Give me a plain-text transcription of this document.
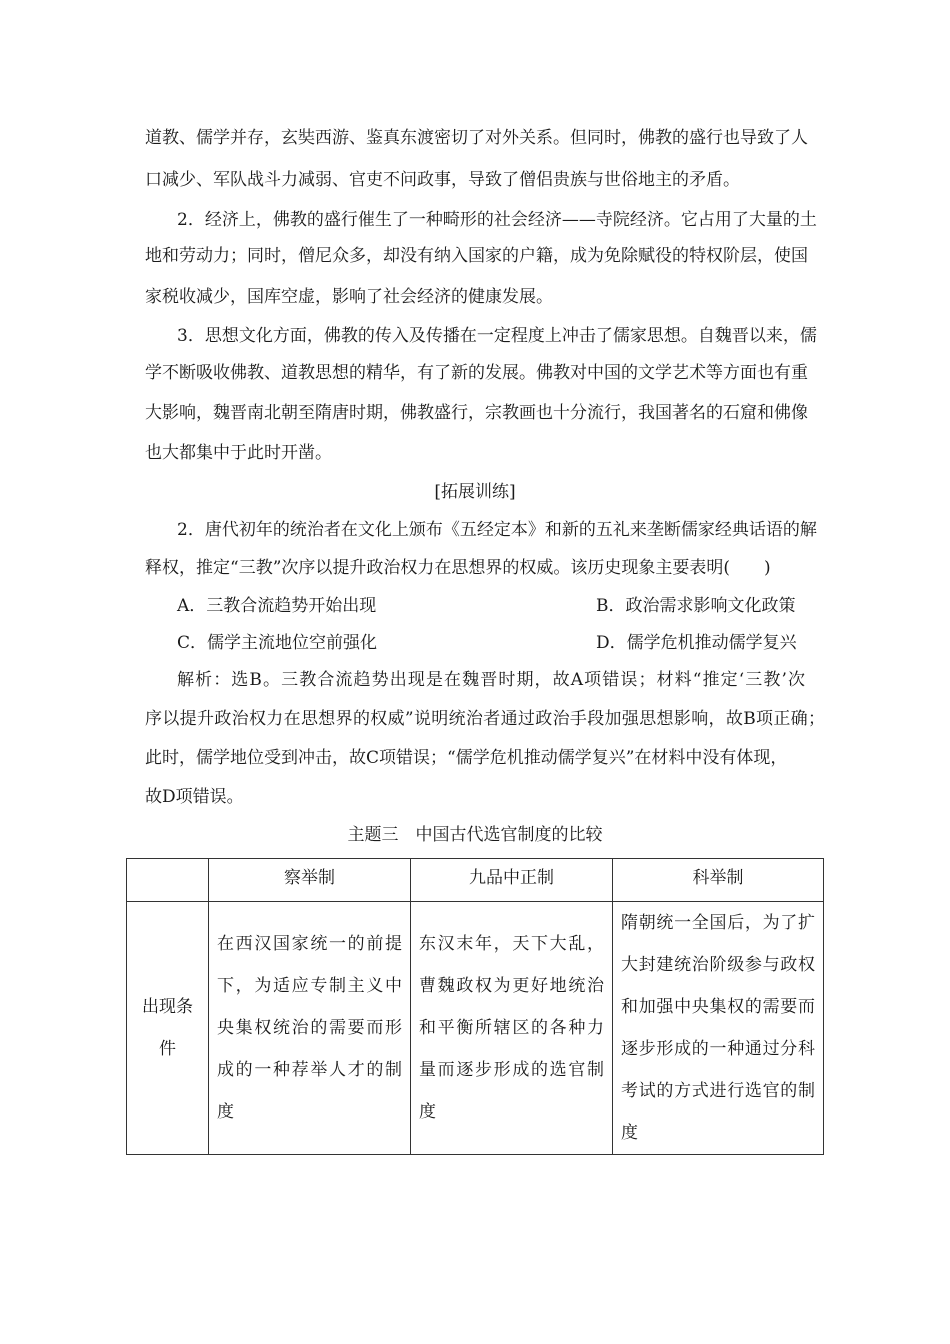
道教、儒学并存，玄奘西游、鉴真东渡密切了对外关系。但同时，佛教的盛行也导致了人
口减少、军队战斗力减弱、官吏不问政事，导致了僧侣贵族与世俗地主的矛盾。
2．经济上，佛教的盛行催生了一种畸形的社会经济——寺院经济。它占用了大量的土
地和劳动力；同时，僧尼众多，却没有纳入国家的户籍，成为免除赋役的特权阶层，使国
家税收减少，国库空虚，影响了社会经济的健康发展。
3．思想文化方面，佛教的传入及传播在一定程度上冲击了儒家思想。自魏晋以来，儒
学不断吸收佛教、道教思想的精华，有了新的发展。佛教对中国的文学艺术等方面也有重
大影响，魏晋南北朝至隋唐时期，佛教盛行，宗教画也十分流行，我国著名的石窟和佛像
也大都集中于此时开凿。
[拓展训练]
2．唐代初年的统治者在文化上颁布《五经定本》和新的五礼来垄断儒家经典话语的解
释权，推定“三教”次序以提升政治权力在思想界的权威。该历史现象主要表明(　　)
A．三教合流趋势开始出现	B．政治需求影响文化政策
C．儒学主流地位空前强化	D．儒学危机推动儒学复兴
解析：选B。三教合流趋势出现是在魏晋时期，故A项错误；材料“推定‘三教’次
序以提升政治权力在思想界的权威”说明统治者通过政治手段加强思想影响，故B项正确；
此时，儒学地位受到冲击，故C项错误；“儒学危机推动儒学复兴”在材料中没有体现，
故D项错误。
主题三　中国古代选官制度的比较
	察举制	九品中正制	科举制

出现条件	在西汉国家统一的前提下，为适应专制主义中央集权统治的需要而形成的一种荐举人才的制度	东汉末年，天下大乱，曹魏政权为更好地统治和平衡所辖区的各种力量而逐步形成的选官制度	隋朝统一全国后，为了扩大封建统治阶级参与政权和加强中央集权的需要而逐步形成的一种通过分科考试的方式进行选官的制度
